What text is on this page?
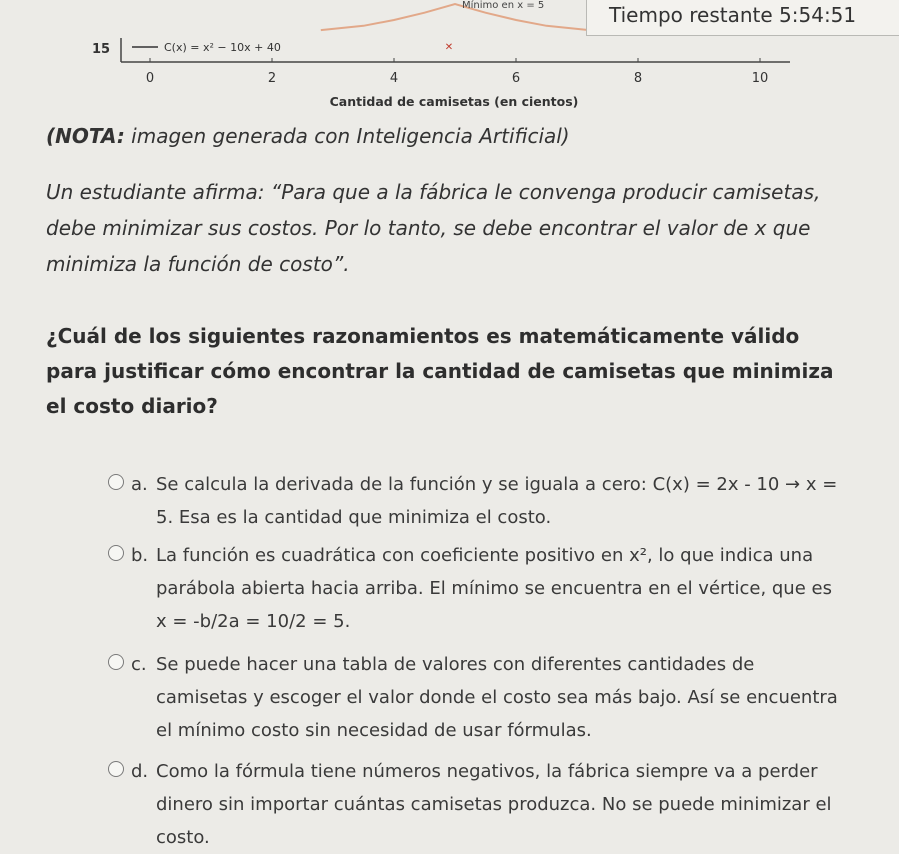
15	C(x) = x² − 10x + 40
Mínimo en x = 5
✕
0	2	4	6	8	10
Cantidad de camisetas (en cientos)
Tiempo restante 5:54:51
(NOTA: imagen generada con Inteligencia Artificial)
Un estudiante afirma: “Para que a la fábrica le convenga producir camisetas, debe minimizar sus costos. Por lo tanto, se debe encontrar el valor de x que minimiza la función de costo”.
¿Cuál de los siguientes razonamientos es matemáticamente válido para justificar cómo encontrar la cantidad de camisetas que minimiza el costo diario?
a. Se calcula la derivada de la función y se iguala a cero: C(x) = 2x - 10 → x = 5. Esa es la cantidad que minimiza el costo.
b. La función es cuadrática con coeficiente positivo en x², lo que indica una parábola abierta hacia arriba. El mínimo se encuentra en el vértice, que es x = -b/2a = 10/2 = 5.
c. Se puede hacer una tabla de valores con diferentes cantidades de camisetas y escoger el valor donde el costo sea más bajo. Así se encuentra el mínimo costo sin necesidad de usar fórmulas.
d. Como la fórmula tiene números negativos, la fábrica siempre va a perder dinero sin importar cuántas camisetas produzca. No se puede minimizar el costo.
